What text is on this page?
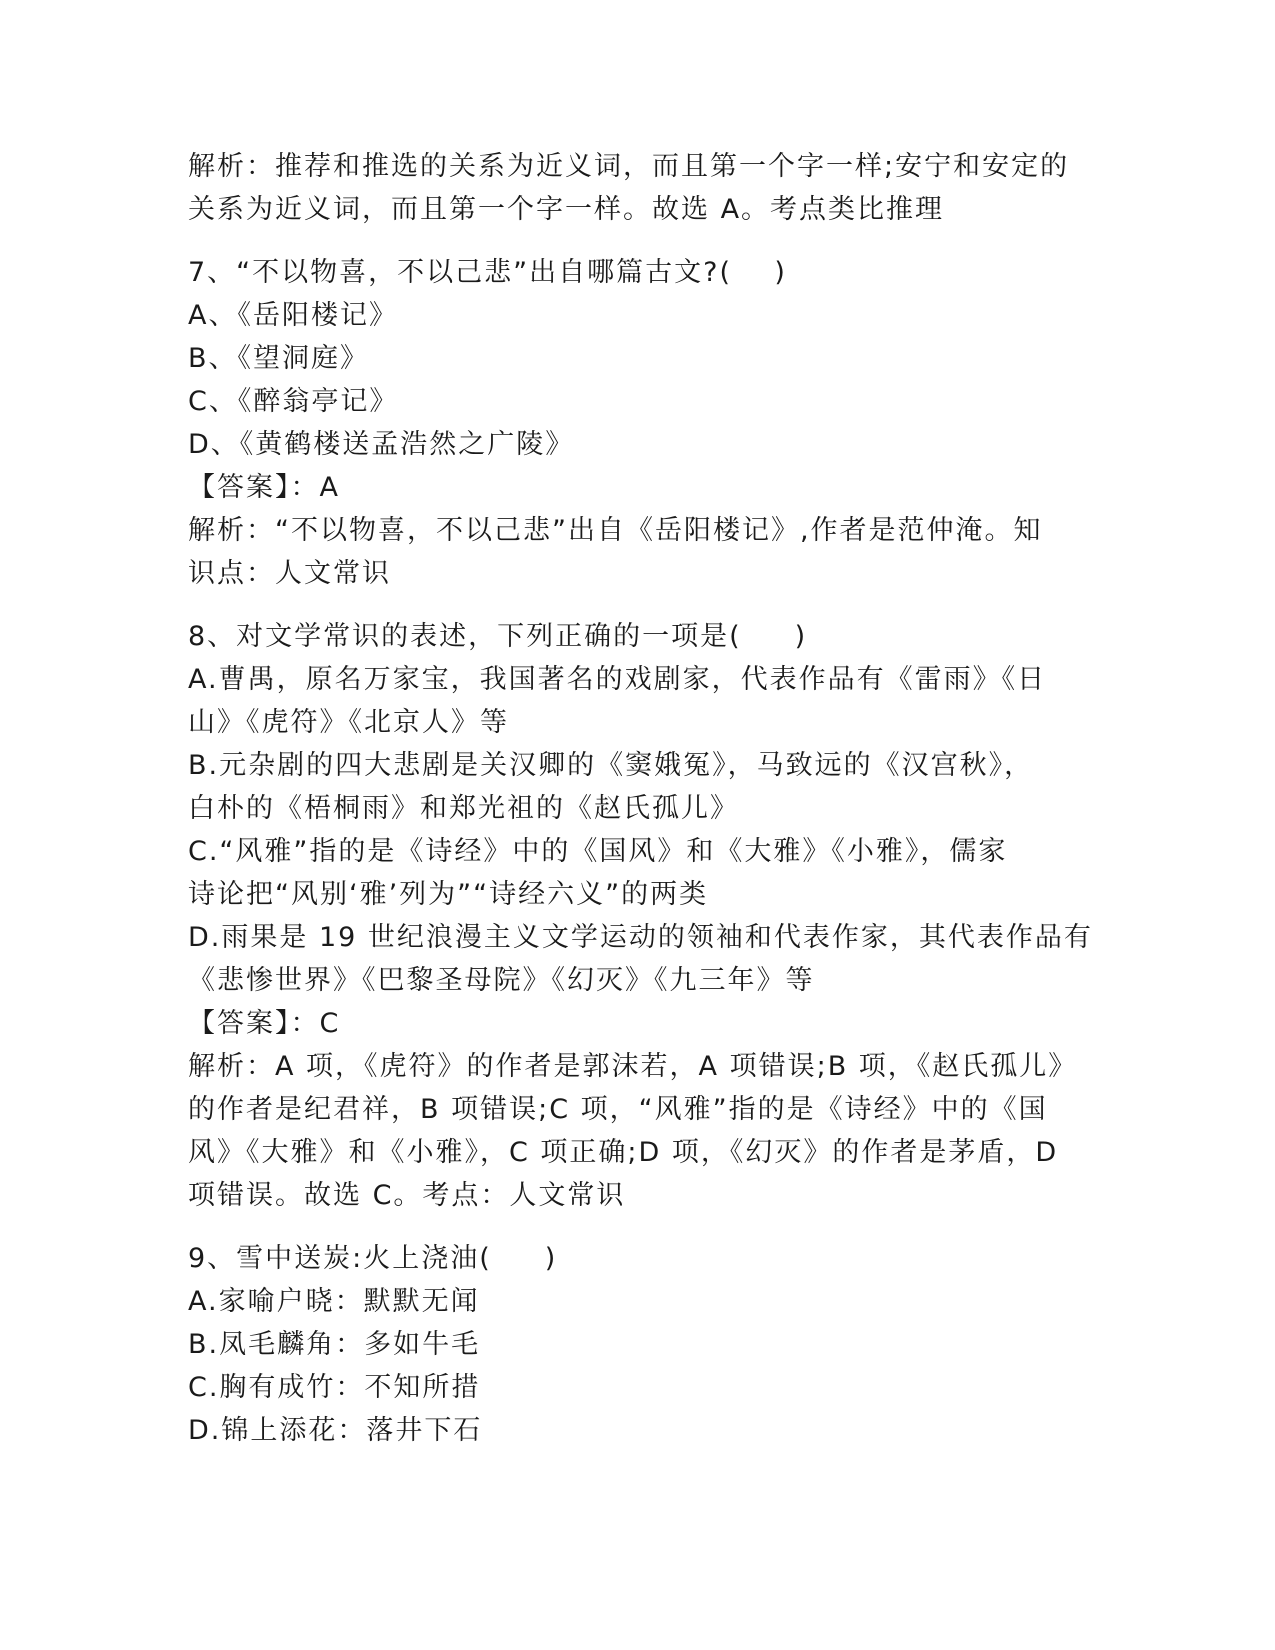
解析：推荐和推选的关系为近义词，而且第一个字一样;安宁和安定的
关系为近义词，而且第一个字一样。故选 A。考点类比推理
7、“不以物喜，不以己悲”出自哪篇古文?(    )
A、《岳阳楼记》
B、《望洞庭》
C、《醉翁亭记》
D、《黄鹤楼送孟浩然之广陵》
【答案】：A
解析：“不以物喜，不以己悲”出自《岳阳楼记》,作者是范仲淹。知
识点：人文常识
8、对文学常识的表述，下列正确的一项是(     )
A.曹禺，原名万家宝，我国著名的戏剧家，代表作品有《雷雨》《日
山》《虎符》《北京人》等
B.元杂剧的四大悲剧是关汉卿的《窦娥冤》，马致远的《汉宫秋》，
白朴的《梧桐雨》和郑光祖的《赵氏孤儿》
C.“风雅”指的是《诗经》中的《国风》和《大雅》《小雅》，儒家
诗论把“风别‘雅’列为”“诗经六义”的两类
D.雨果是 19 世纪浪漫主义文学运动的领袖和代表作家，其代表作品有
《悲惨世界》《巴黎圣母院》《幻灭》《九三年》等
【答案】：C
解析：A 项，《虎符》的作者是郭沫若，A 项错误;B 项，《赵氏孤儿》
的作者是纪君祥，B 项错误;C 项，“风雅”指的是《诗经》中的《国
风》《大雅》和《小雅》，C 项正确;D 项，《幻灭》的作者是茅盾，D
项错误。故选 C。考点：人文常识
9、雪中送炭:火上浇油(     )
A.家喻户晓：默默无闻
B.凤毛麟角：多如牛毛
C.胸有成竹：不知所措
D.锦上添花：落井下石
